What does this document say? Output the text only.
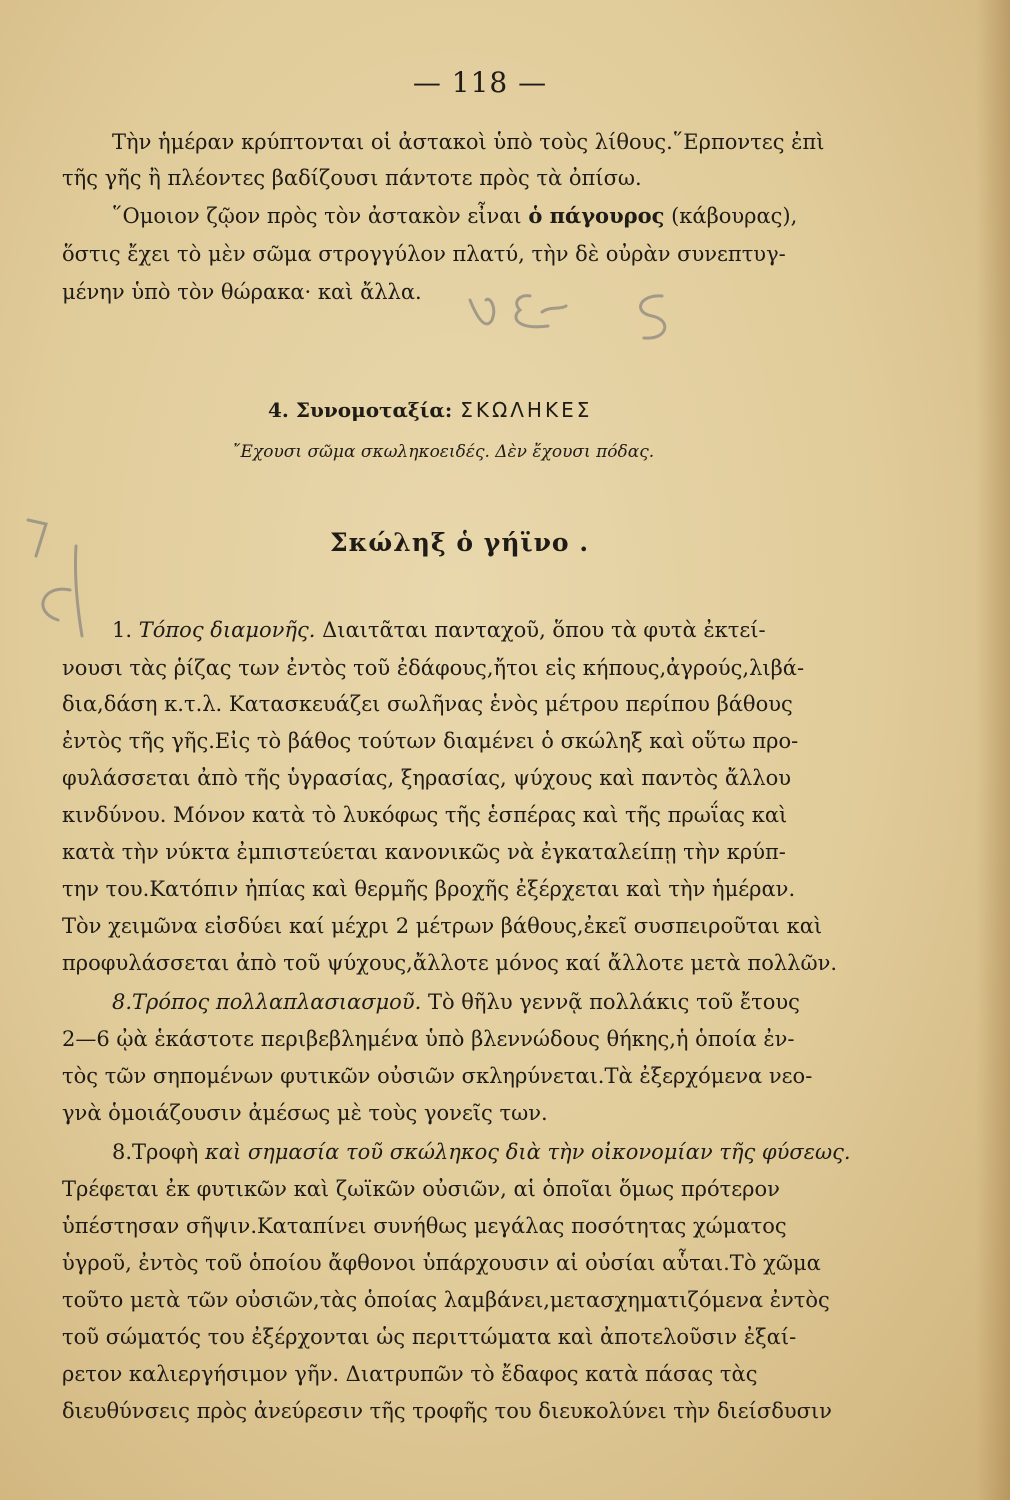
— 118 —
Τὴν ἡμέραν κρύπτονται οἱ ἀστακοὶ ὑπὸ τοὺς λίθους.῞Ερποντες ἐπὶ
τῆς γῆς ἢ πλέοντες βαδίζουσι πάντοτε πρὸς τὰ ὀπίσω.
῞Ομοιον ζῷον πρὸς τὸν ἀστακὸν εἶναι ὁ πάγουρος (κάβουρας),
ὅστις ἔχει τὸ μὲν σῶμα στρογγύλον πλατύ, τὴν δὲ οὐρὰν συνεπτυγ-
μένην ὑπὸ τὸν θώρακα· καὶ ἄλλα.
4. Συνομοταξία: ΣΚΩΛΗΚΕΣ
῎Εχουσι σῶμα σκωληκοειδές. Δὲν ἔχουσι πόδας.
Σκώληξ ὁ γήϊνο .
1. Τόπος διαμονῆς. Διαιτᾶται πανταχοῦ, ὅπου τὰ φυτὰ ἐκτεί-
νουσι τὰς ῥίζας των ἐντὸς τοῦ ἐδάφους,ἤτοι εἰς κήπους,ἀγρούς,λιβά-
δια,δάση κ.τ.λ. Κατασκευάζει σωλῆνας ἑνὸς μέτρου περίπου βάθους
ἐντὸς τῆς γῆς.Εἰς τὸ βάθος τούτων διαμένει ὁ σκώληξ καὶ οὕτω προ-
φυλάσσεται ἀπὸ τῆς ὑγρασίας, ξηρασίας, ψύχους καὶ παντὸς ἄλλου
κινδύνου. Μόνον κατὰ τὸ λυκόφως τῆς ἑσπέρας καὶ τῆς πρωΐας καὶ
κατὰ τὴν νύκτα ἐμπιστεύεται κανονικῶς νὰ ἐγκαταλείπῃ τὴν κρύπ-
την του.Κατόπιν ἠπίας καὶ θερμῆς βροχῆς ἐξέρχεται καὶ τὴν ἡμέραν.
Τὸν χειμῶνα εἰσδύει καί μέχρι 2 μέτρων βάθους,ἐκεῖ συσπειροῦται καὶ
προφυλάσσεται ἀπὸ τοῦ ψύχους,ἄλλοτε μόνος καί ἄλλοτε μετὰ πολλῶν.
8.Τρόπος πολλαπλασιασμοῦ. Τὸ θῆλυ γεννᾷ πολλάκις τοῦ ἔτους
2—6 ᾠὰ ἑκάστοτε περιβεβλημένα ὑπὸ βλεννώδους θήκης,ἡ ὁποία ἐν-
τὸς τῶν σηπομένων φυτικῶν οὐσιῶν σκληρύνεται.Τὰ ἐξερχόμενα νεο-
γνὰ ὁμοιάζουσιν ἀμέσως μὲ τοὺς γονεῖς των.
8.Τροφὴ καὶ σημασία τοῦ σκώληκος διὰ τὴν οἰκονομίαν τῆς φύσεως.
Τρέφεται ἐκ φυτικῶν καὶ ζωϊκῶν οὐσιῶν, αἱ ὁποῖαι ὅμως πρότερον
ὑπέστησαν σῆψιν.Καταπίνει συνήθως μεγάλας ποσότητας χώματος
ὑγροῦ, ἐντὸς τοῦ ὁποίου ἄφθονοι ὑπάρχουσιν αἱ οὐσίαι αὗται.Τὸ χῶμα
τοῦτο μετὰ τῶν οὐσιῶν,τὰς ὁποίας λαμβάνει,μετασχηματιζόμενα ἐντὸς
τοῦ σώματός του ἐξέρχονται ὡς περιττώματα καὶ ἀποτελοῦσιν ἐξαί-
ρετον καλιεργήσιμον γῆν. Διατρυπῶν τὸ ἔδαφος κατὰ πάσας τὰς
διευθύνσεις πρὸς ἀνεύρεσιν τῆς τροφῆς του διευκολύνει τὴν διείσδυσιν
